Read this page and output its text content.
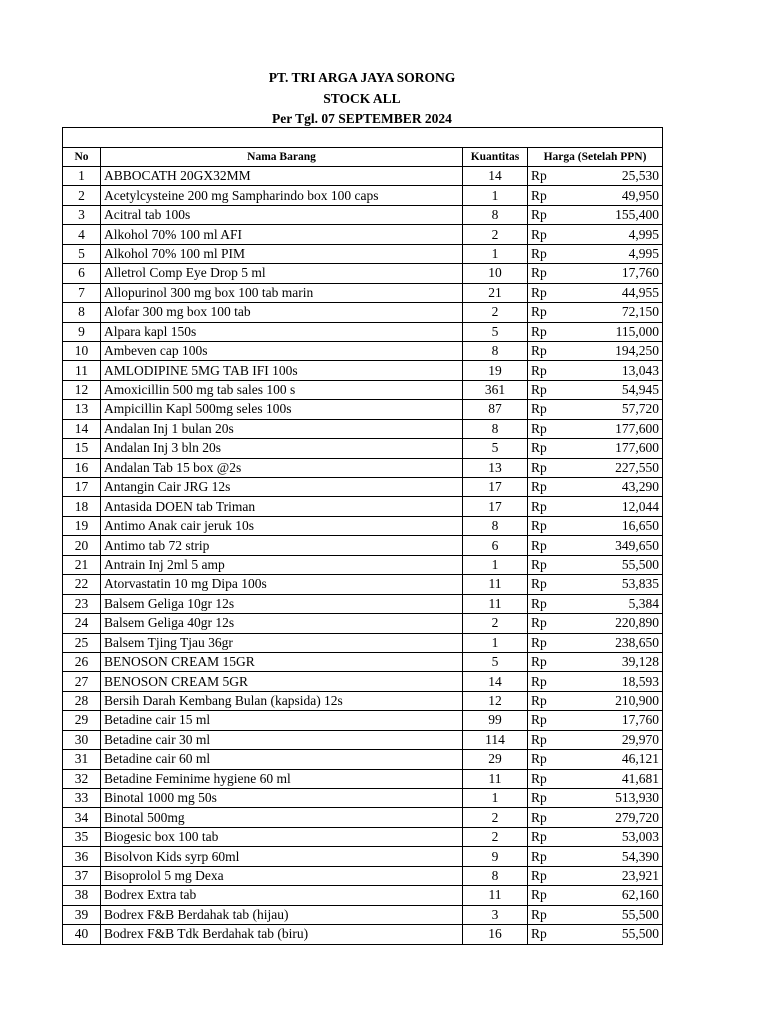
PT. TRI ARGA JAYA SORONG
STOCK ALL
Per Tgl. 07 SEPTEMBER 2024

No	Nama Barang	Kuantitas	Harga (Setelah PPN)	
1	ABBOCATH 20GX32MM	14	Rp	25,530
2	Acetylcysteine 200 mg Sampharindo box 100 caps	1	Rp	49,950
3	Acitral tab 100s	8	Rp	155,400
4	Alkohol 70% 100 ml AFI	2	Rp	4,995
5	Alkohol 70% 100 ml PIM	1	Rp	4,995
6	Alletrol Comp Eye Drop 5 ml	10	Rp	17,760
7	Allopurinol 300 mg box 100 tab marin	21	Rp	44,955
8	Alofar 300 mg box 100 tab	2	Rp	72,150
9	Alpara kapl 150s	5	Rp	115,000
10	Ambeven cap 100s	8	Rp	194,250
11	AMLODIPINE 5MG TAB IFI 100s	19	Rp	13,043
12	Amoxicillin 500 mg tab sales 100 s	361	Rp	54,945
13	Ampicillin Kapl 500mg seles 100s	87	Rp	57,720
14	Andalan Inj 1 bulan 20s	8	Rp	177,600
15	Andalan Inj 3 bln 20s	5	Rp	177,600
16	Andalan Tab 15 box @2s	13	Rp	227,550
17	Antangin Cair JRG 12s	17	Rp	43,290
18	Antasida DOEN tab Triman	17	Rp	12,044
19	Antimo Anak cair jeruk 10s	8	Rp	16,650
20	Antimo tab 72 strip	6	Rp	349,650
21	Antrain Inj 2ml 5 amp	1	Rp	55,500
22	Atorvastatin 10 mg Dipa 100s	11	Rp	53,835
23	Balsem Geliga 10gr 12s	11	Rp	5,384
24	Balsem Geliga 40gr 12s	2	Rp	220,890
25	Balsem Tjing Tjau 36gr	1	Rp	238,650
26	BENOSON CREAM 15GR	5	Rp	39,128
27	BENOSON CREAM 5GR	14	Rp	18,593
28	Bersih Darah Kembang Bulan (kapsida) 12s	12	Rp	210,900
29	Betadine cair 15 ml	99	Rp	17,760
30	Betadine cair 30 ml	114	Rp	29,970
31	Betadine cair 60 ml	29	Rp	46,121
32	Betadine Feminime hygiene 60 ml	11	Rp	41,681
33	Binotal 1000 mg 50s	1	Rp	513,930
34	Binotal 500mg	2	Rp	279,720
35	Biogesic box 100 tab	2	Rp	53,003
36	Bisolvon Kids syrp 60ml	9	Rp	54,390
37	Bisoprolol 5 mg Dexa	8	Rp	23,921
38	Bodrex Extra tab	11	Rp	62,160
39	Bodrex F&B Berdahak tab (hijau)	3	Rp	55,500
40	Bodrex F&B Tdk Berdahak tab (biru)	16	Rp	55,500
